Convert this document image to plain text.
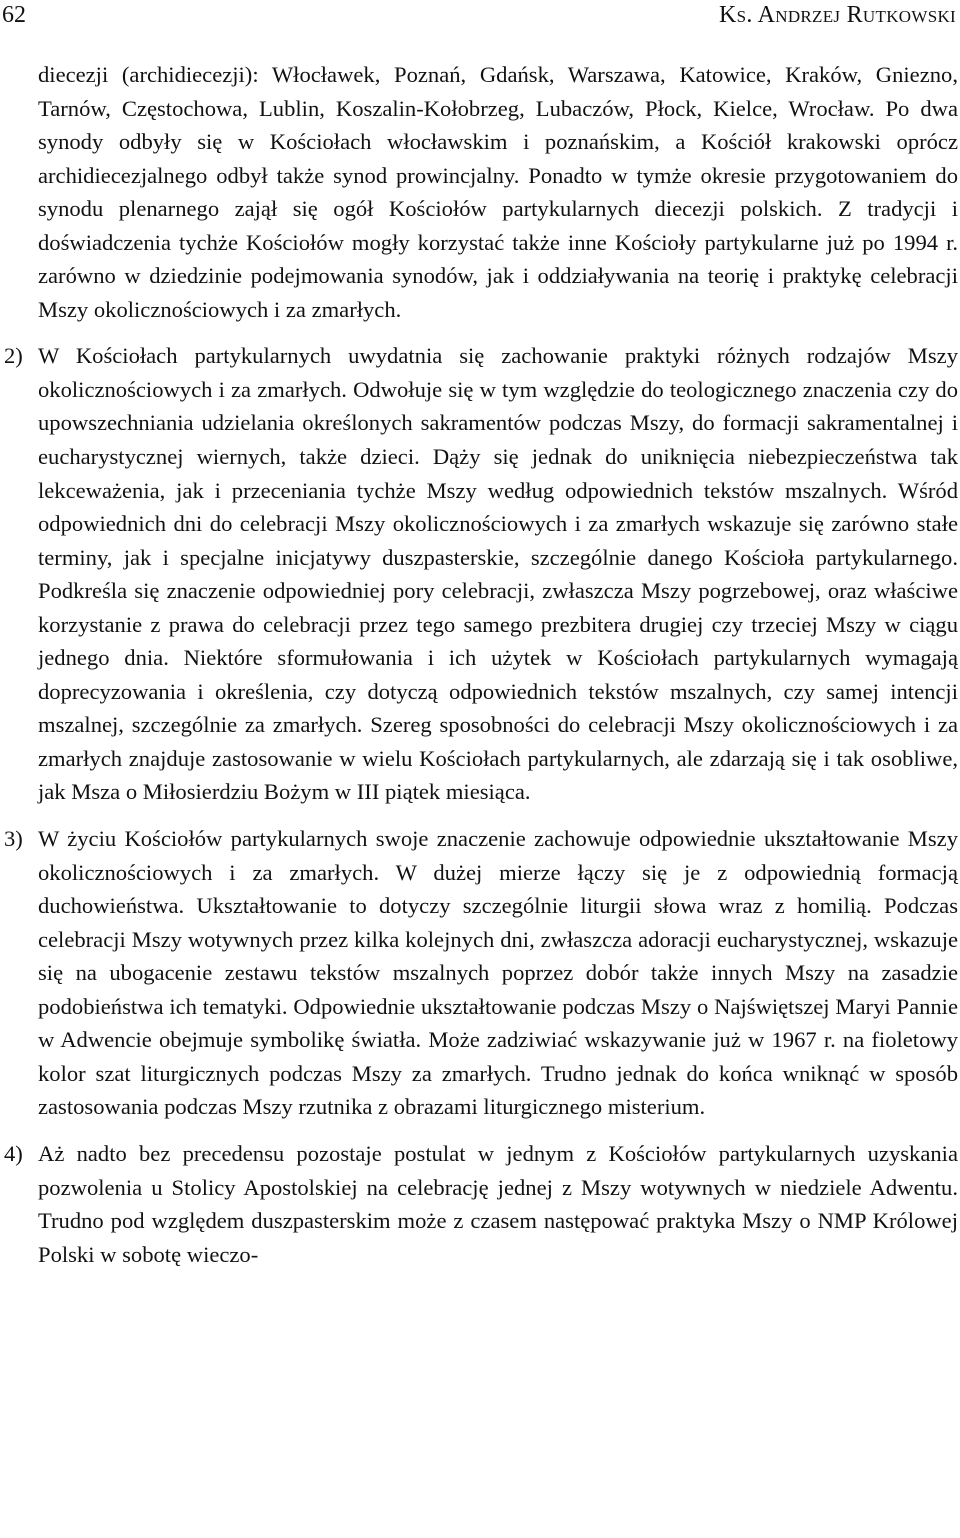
62	Ks. Andrzej Rutkowski

diecezji (archidiecezji): Włocławek, Poznań, Gdańsk, Warszawa, Katowice, Kraków, Gniezno, Tarnów, Częstochowa, Lublin, Koszalin-Kołobrzeg, Lubaczów, Płock, Kielce, Wrocław. Po dwa synody odbyły się w Kościołach włocławskim i poznańskim, a Kościół krakowski oprócz archidiecezjalnego odbył także synod prowincjalny. Ponadto w tymże okresie przygotowaniem do synodu plenarnego zajął się ogół Kościołów partykularnych diecezji polskich. Z tradycji i doświadczenia tychże Kościołów mogły korzystać także inne Kościoły partykularne już po 1994 r. zarówno w dziedzinie podejmowania synodów, jak i oddziaływania na teorię i praktykę celebracji Mszy okolicznościowych i za zmarłych.

2) W Kościołach partykularnych uwydatnia się zachowanie praktyki różnych rodzajów Mszy okolicznościowych i za zmarłych. Odwołuje się w tym względzie do teologicznego znaczenia czy do upowszechniania udzielania określonych sakramentów podczas Mszy, do formacji sakramentalnej i eucharystycznej wiernych, także dzieci. Dąży się jednak do uniknięcia niebezpieczeństwa tak lekceważenia, jak i przeceniania tychże Mszy według odpowiednich tekstów mszalnych. Wśród odpowiednich dni do celebracji Mszy okolicznościowych i za zmarłych wskazuje się zarówno stałe terminy, jak i specjalne inicjatywy duszpasterskie, szczególnie danego Kościoła partykularnego. Podkreśla się znaczenie odpowiedniej pory celebracji, zwłaszcza Mszy pogrzebowej, oraz właściwe korzystanie z prawa do celebracji przez tego samego prezbitera drugiej czy trzeciej Mszy w ciągu jednego dnia. Niektóre sformułowania i ich użytek w Kościołach partykularnych wymagają doprecyzowania i określenia, czy dotyczą odpowiednich tekstów mszalnych, czy samej intencji mszalnej, szczególnie za zmarłych. Szereg sposobności do celebracji Mszy okolicznościowych i za zmarłych znajduje zastosowanie w wielu Kościołach partykularnych, ale zdarzają się i tak osobliwe, jak Msza o Miłosierdziu Bożym w III piątek miesiąca.

3) W życiu Kościołów partykularnych swoje znaczenie zachowuje odpowiednie ukształtowanie Mszy okolicznościowych i za zmarłych. W dużej mierze łączy się je z odpowiednią formacją duchowieństwa. Ukształtowanie to dotyczy szczególnie liturgii słowa wraz z homilią. Podczas celebracji Mszy wotywnych przez kilka kolejnych dni, zwłaszcza adoracji eucharystycznej, wskazuje się na ubogacenie zestawu tekstów mszalnych poprzez dobór także innych Mszy na zasadzie podobieństwa ich tematyki. Odpowiednie ukształtowanie podczas Mszy o Najświętszej Maryi Pannie w Adwencie obejmuje symbolikę światła. Może zadziwiać wskazywanie już w 1967 r. na fioletowy kolor szat liturgicznych podczas Mszy za zmarłych. Trudno jednak do końca wniknąć w sposób zastosowania podczas Mszy rzutnika z obrazami liturgicznego misterium.

4) Aż nadto bez precedensu pozostaje postulat w jednym z Kościołów partykularnych uzyskania pozwolenia u Stolicy Apostolskiej na celebrację jednej z Mszy wotywnych w niedziele Adwentu. Trudno pod względem duszpasterskim może z czasem następować praktyka Mszy o NMP Królowej Polski w sobotę wieczo-
